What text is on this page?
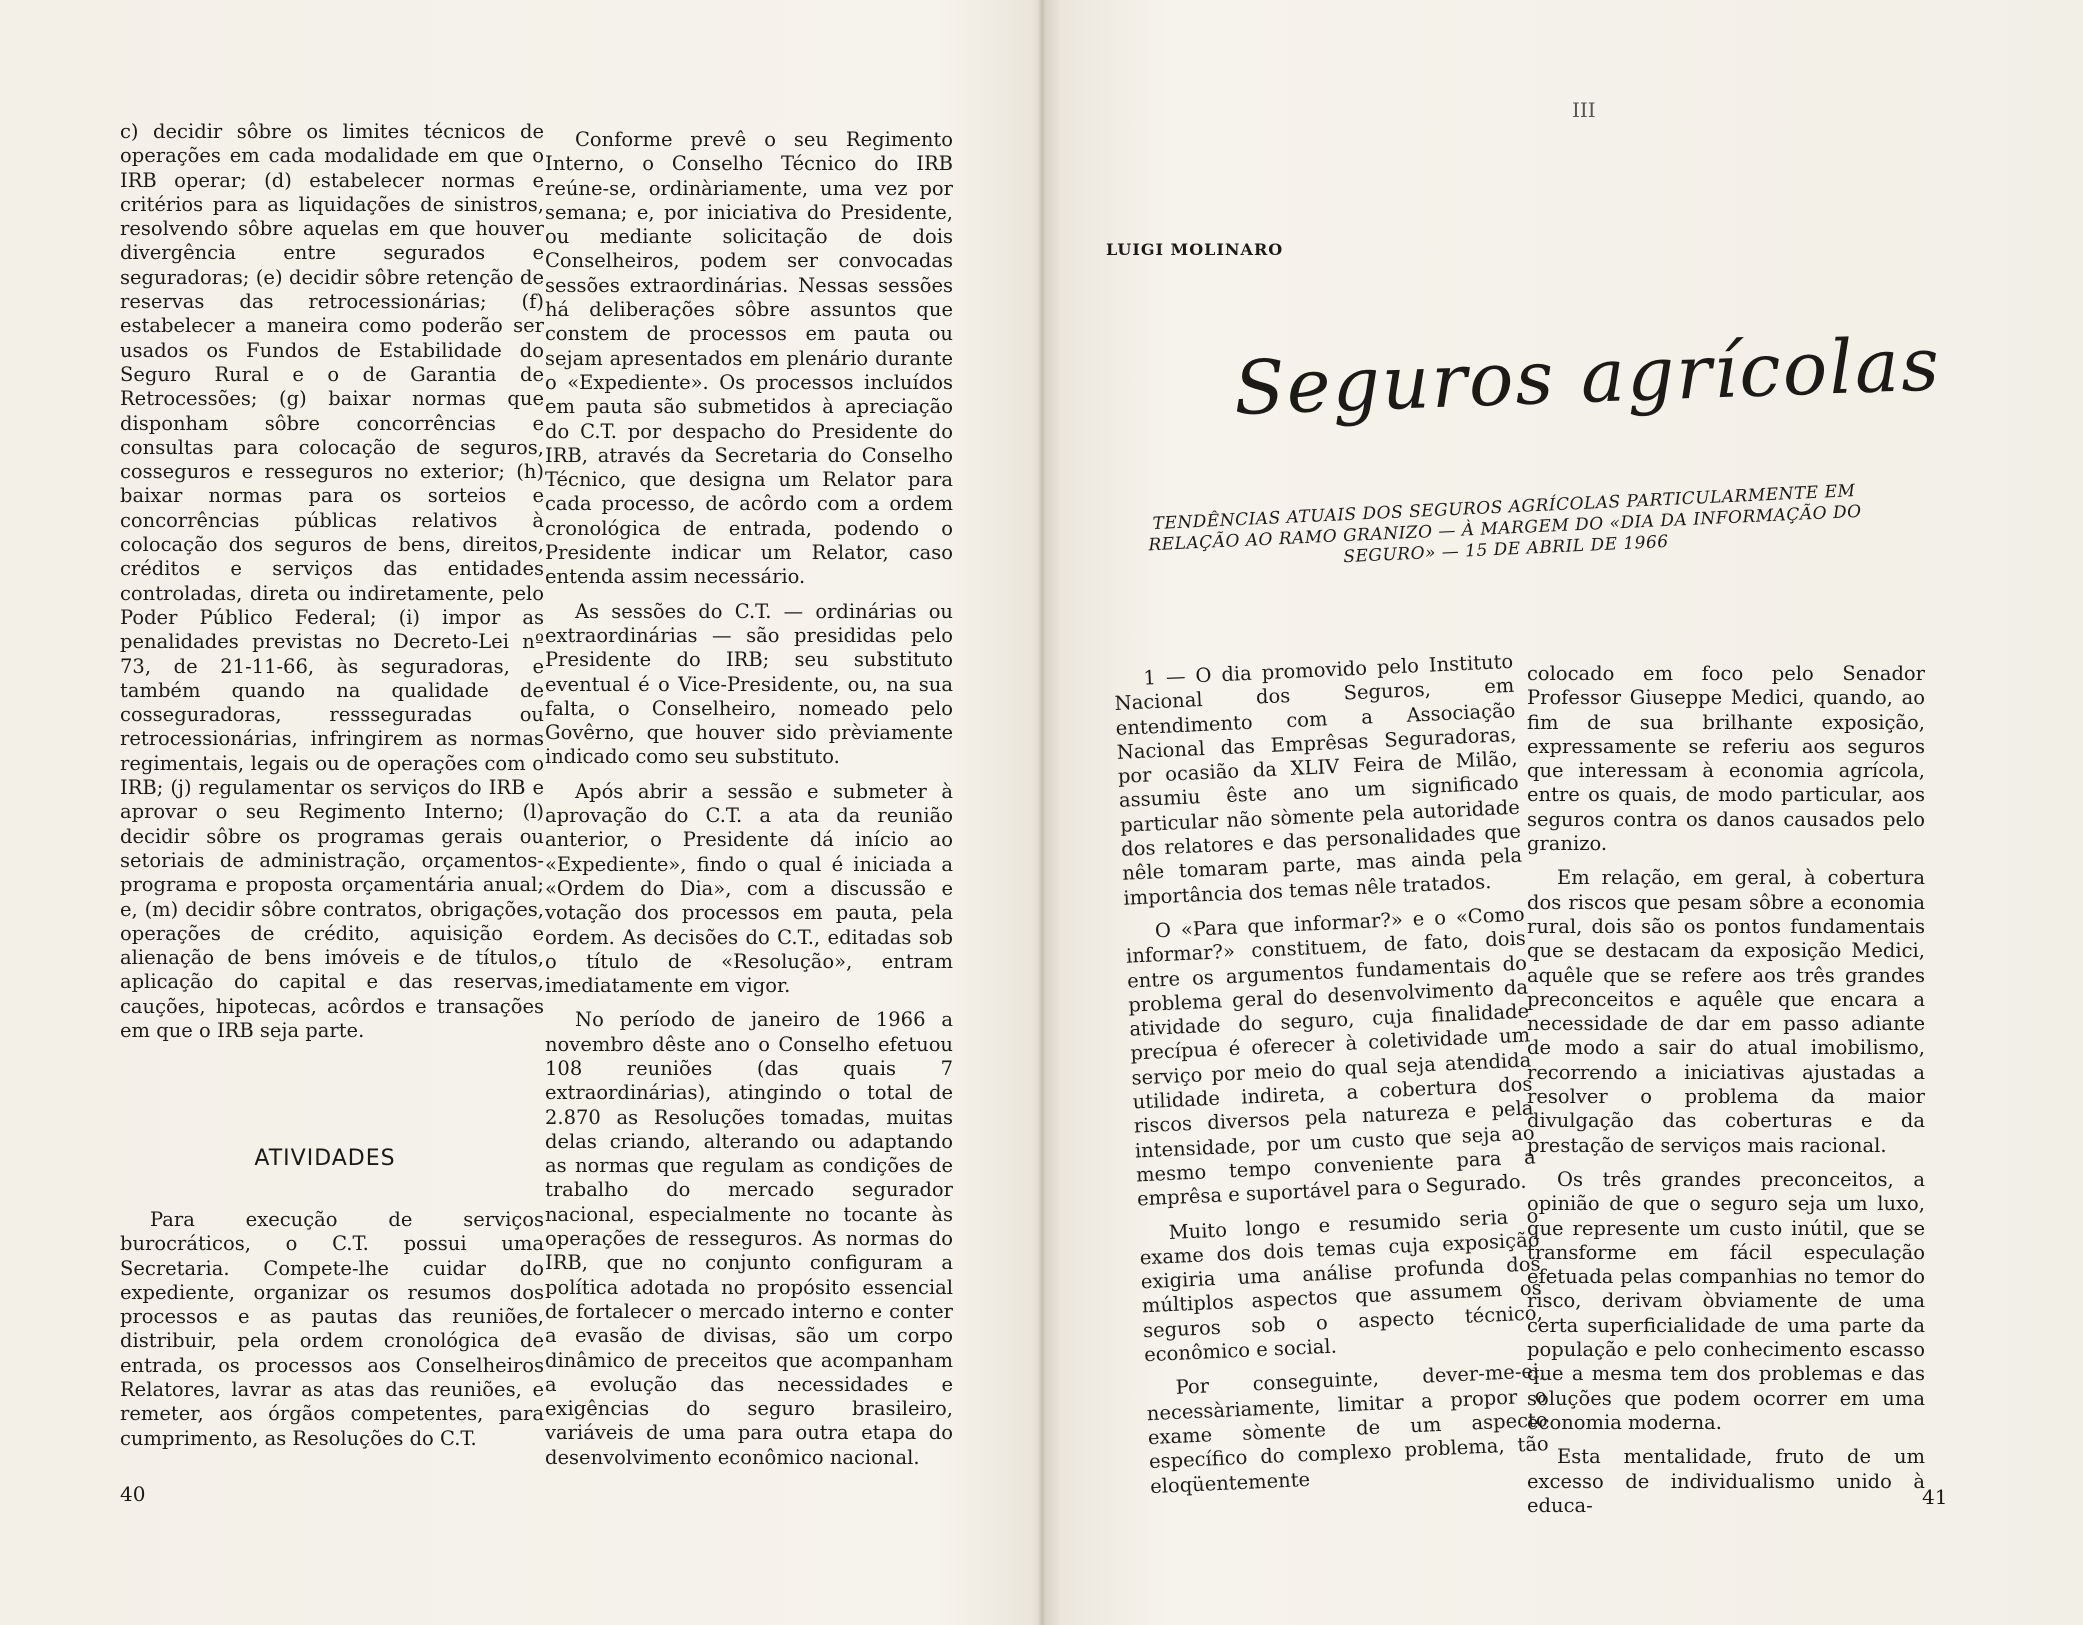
c) decidir sôbre os limites técnicos de operações em cada modalidade em que o IRB operar; (d) estabelecer normas e critérios para as liquidações de sinistros, resolvendo sôbre aquelas em que houver divergência entre segurados e seguradoras; (e) decidir sôbre retenção de reservas das retrocessionárias; (f) estabelecer a maneira como poderão ser usados os Fundos de Estabilidade do Seguro Rural e o de Garantia de Retrocessões; (g) baixar normas que disponham sôbre concorrências e consultas para colocação de seguros, cosseguros e resseguros no exterior; (h) baixar normas para os sorteios e concorrências públicas relativos à colocação dos seguros de bens, direitos, créditos e serviços das entidades controladas, direta ou indiretamente, pelo Poder Público Federal; (i) impor as penalidades previstas no Decreto-Lei nº 73, de 21-11-66, às seguradoras, e também quando na qualidade de cosseguradoras, ressseguradas ou retrocessionárias, infringirem as normas regimentais, legais ou de operações com o IRB; (j) regulamentar os serviços do IRB e aprovar o seu Regimento Interno; (l) decidir sôbre os programas gerais ou setoriais de administração, orçamentos-programa e proposta orçamentária anual; e, (m) decidir sôbre contratos, obrigações, operações de crédito, aquisição e alienação de bens imóveis e de títulos, aplicação do capital e das reservas, cauções, hipotecas, acôrdos e transações em que o IRB seja parte.

ATIVIDADES

Para execução de serviços burocráticos, o C.T. possui uma Secretaria. Compete-lhe cuidar do expediente, organizar os resumos dos processos e as pautas das reuniões, distribuir, pela ordem cronológica de entrada, os processos aos Conselheiros Relatores, lavrar as atas das reuniões, e remeter, aos órgãos competentes, para cumprimento, as Resoluções do C.T.

Conforme prevê o seu Regimento Interno, o Conselho Técnico do IRB reúne-se, ordinàriamente, uma vez por semana; e, por iniciativa do Presidente, ou mediante solicitação de dois Conselheiros, podem ser convocadas sessões extraordinárias. Nessas sessões há deliberações sôbre assuntos que constem de processos em pauta ou sejam apresentados em plenário durante o «Expediente». Os processos incluídos em pauta são submetidos à apreciação do C.T. por despacho do Presidente do IRB, através da Secretaria do Conselho Técnico, que designa um Relator para cada processo, de acôrdo com a ordem cronológica de entrada, podendo o Presidente indicar um Relator, caso entenda assim necessário.

As sessões do C.T. — ordinárias ou extraordinárias — são presididas pelo Presidente do IRB; seu substituto eventual é o Vice-Presidente, ou, na sua falta, o Conselheiro, nomeado pelo Govêrno, que houver sido prèviamente indicado como seu substituto.

Após abrir a sessão e submeter à aprovação do C.T. a ata da reunião anterior, o Presidente dá início ao «Expediente», findo o qual é iniciada a «Ordem do Dia», com a discussão e votação dos processos em pauta, pela ordem. As decisões do C.T., editadas sob o título de «Resolução», entram imediatamente em vigor.

No período de janeiro de 1966 a novembro dêste ano o Conselho efetuou 108 reuniões (das quais 7 extraordinárias), atingindo o total de 2.870 as Resoluções tomadas, muitas delas criando, alterando ou adaptando as normas que regulam as condições de trabalho do mercado segurador nacional, especialmente no tocante às operações de resseguros. As normas do IRB, que no conjunto configuram a política adotada no propósito essencial de fortalecer o mercado interno e conter a evasão de divisas, são um corpo dinâmico de preceitos que acompanham a evolução das necessidades e exigências do seguro brasileiro, variáveis de uma para outra etapa do desenvolvimento econômico nacional.

40
III
LUIGI MOLINARO
Seguros agrícolas
TENDÊNCIAS ATUAIS DOS SEGUROS AGRÍCOLAS PARTICULARMENTE EM RELAÇÃO AO RAMO GRANIZO — À MARGEM DO «DIA DA INFORMAÇÃO DO SEGURO» — 15 DE ABRIL DE 1966

1 — O dia promovido pelo Instituto Nacional dos Seguros, em entendimento com a Associação Nacional das Emprêsas Seguradoras, por ocasião da XLIV Feira de Milão, assumiu êste ano um significado particular não sòmente pela autoridade dos relatores e das personalidades que nêle tomaram parte, mas ainda pela importância dos temas nêle tratados.

O «Para que informar?» e o «Como informar?» constituem, de fato, dois entre os argumentos fundamentais do problema geral do desenvolvimento da atividade do seguro, cuja finalidade precípua é oferecer à coletividade um serviço por meio do qual seja atendida utilidade indireta, a cobertura dos riscos diversos pela natureza e pela intensidade, por um custo que seja ao mesmo tempo conveniente para a emprêsa e suportável para o Segurado.

Muito longo e resumido seria o exame dos dois temas cuja exposição exigiria uma análise profunda dos múltiplos aspectos que assumem os seguros sob o aspecto técnico, econômico e social.

Por conseguinte, dever-me-ei, necessàriamente, limitar a propor o exame sòmente de um aspecto específico do complexo problema, tão eloqüentemente

colocado em foco pelo Senador Professor Giuseppe Medici, quando, ao fim de sua brilhante exposição, expressamente se referiu aos seguros que interessam à economia agrícola, entre os quais, de modo particular, aos seguros contra os danos causados pelo granizo.

Em relação, em geral, à cobertura dos riscos que pesam sôbre a economia rural, dois são os pontos fundamentais que se destacam da exposição Medici, aquêle que se refere aos três grandes preconceitos e aquêle que encara a necessidade de dar em passo adiante de modo a sair do atual imobilismo, recorrendo a iniciativas ajustadas a resolver o problema da maior divulgação das coberturas e da prestação de serviços mais racional.

Os três grandes preconceitos, a opinião de que o seguro seja um luxo, que represente um custo inútil, que se transforme em fácil especulação efetuada pelas companhias no temor do risco, derivam òbviamente de uma certa superficialidade de uma parte da população e pelo conhecimento escasso que a mesma tem dos problemas e das soluções que podem ocorrer em uma economia moderna.

Esta mentalidade, fruto de um excesso de individualismo unido à educa-	41
